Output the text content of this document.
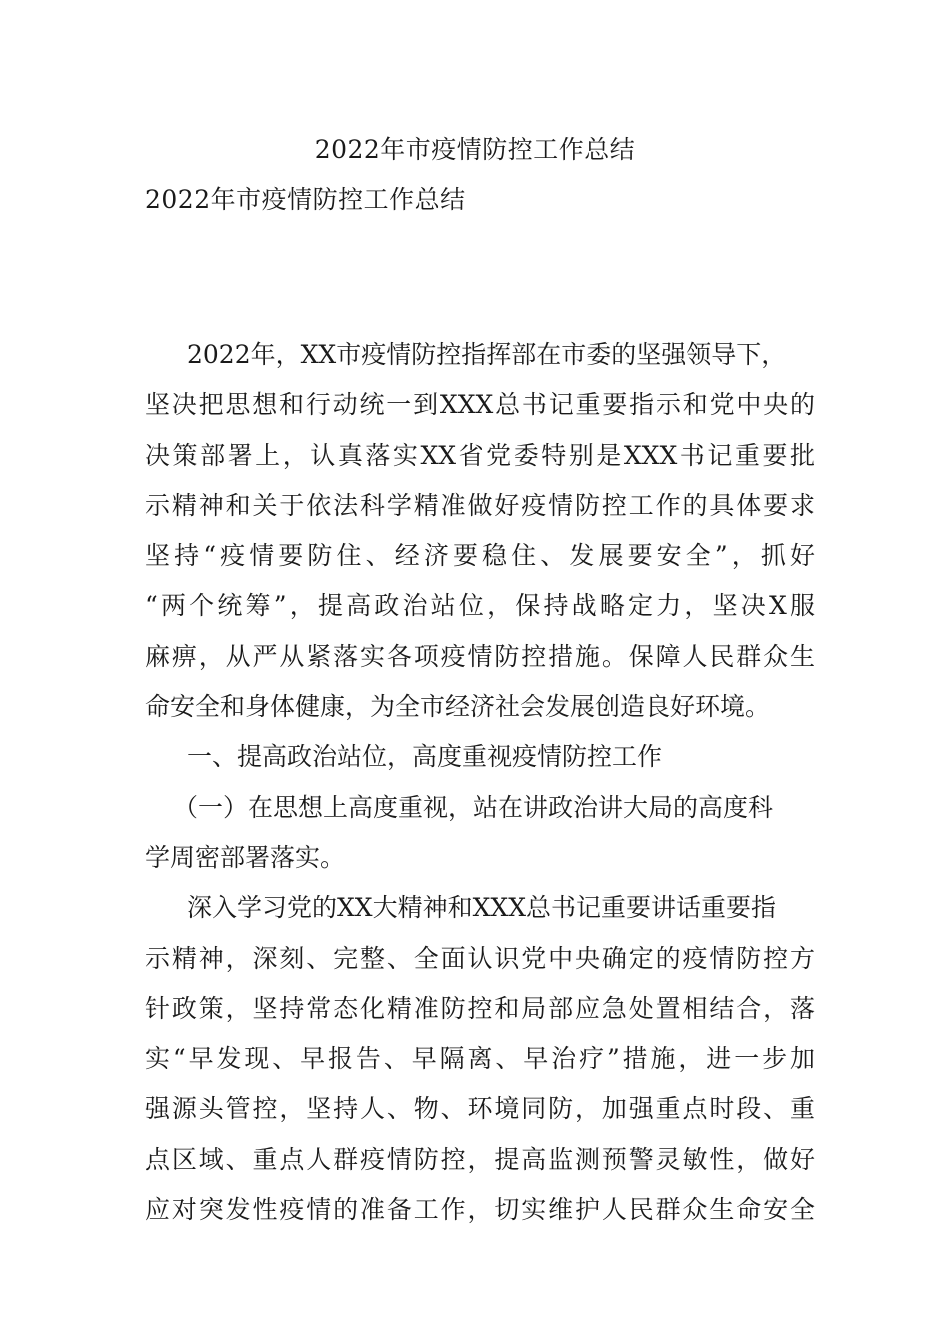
2022年市疫情防控工作总结
2022年市疫情防控工作总结
2022年，XX市疫情防控指挥部在市委的坚强领导下，
坚决把思想和行动统一到XXX总书记重要指示和党中央的
决策部署上，认真落实XX省党委特别是XXX书记重要批
示精神和关于依法科学精准做好疫情防控工作的具体要求
坚持“疫情要防住、经济要稳住、发展要安全”，抓好
“两个统筹”，提高政治站位，保持战略定力，坚决X服
麻痹，从严从紧落实各项疫情防控措施。保障人民群众生
命安全和身体健康，为全市经济社会发展创造良好环境。
一、提高政治站位，高度重视疫情防控工作
（一）在思想上高度重视，站在讲政治讲大局的高度科
学周密部署落实。
深入学习党的XX大精神和XXX总书记重要讲话重要指
示精神，深刻、完整、全面认识党中央确定的疫情防控方
针政策，坚持常态化精准防控和局部应急处置相结合，落
实“早发现、早报告、早隔离、早治疗”措施，进一步加
强源头管控，坚持人、物、环境同防，加强重点时段、重
点区域、重点人群疫情防控，提高监测预警灵敏性，做好
应对突发性疫情的准备工作，切实维护人民群众生命安全
